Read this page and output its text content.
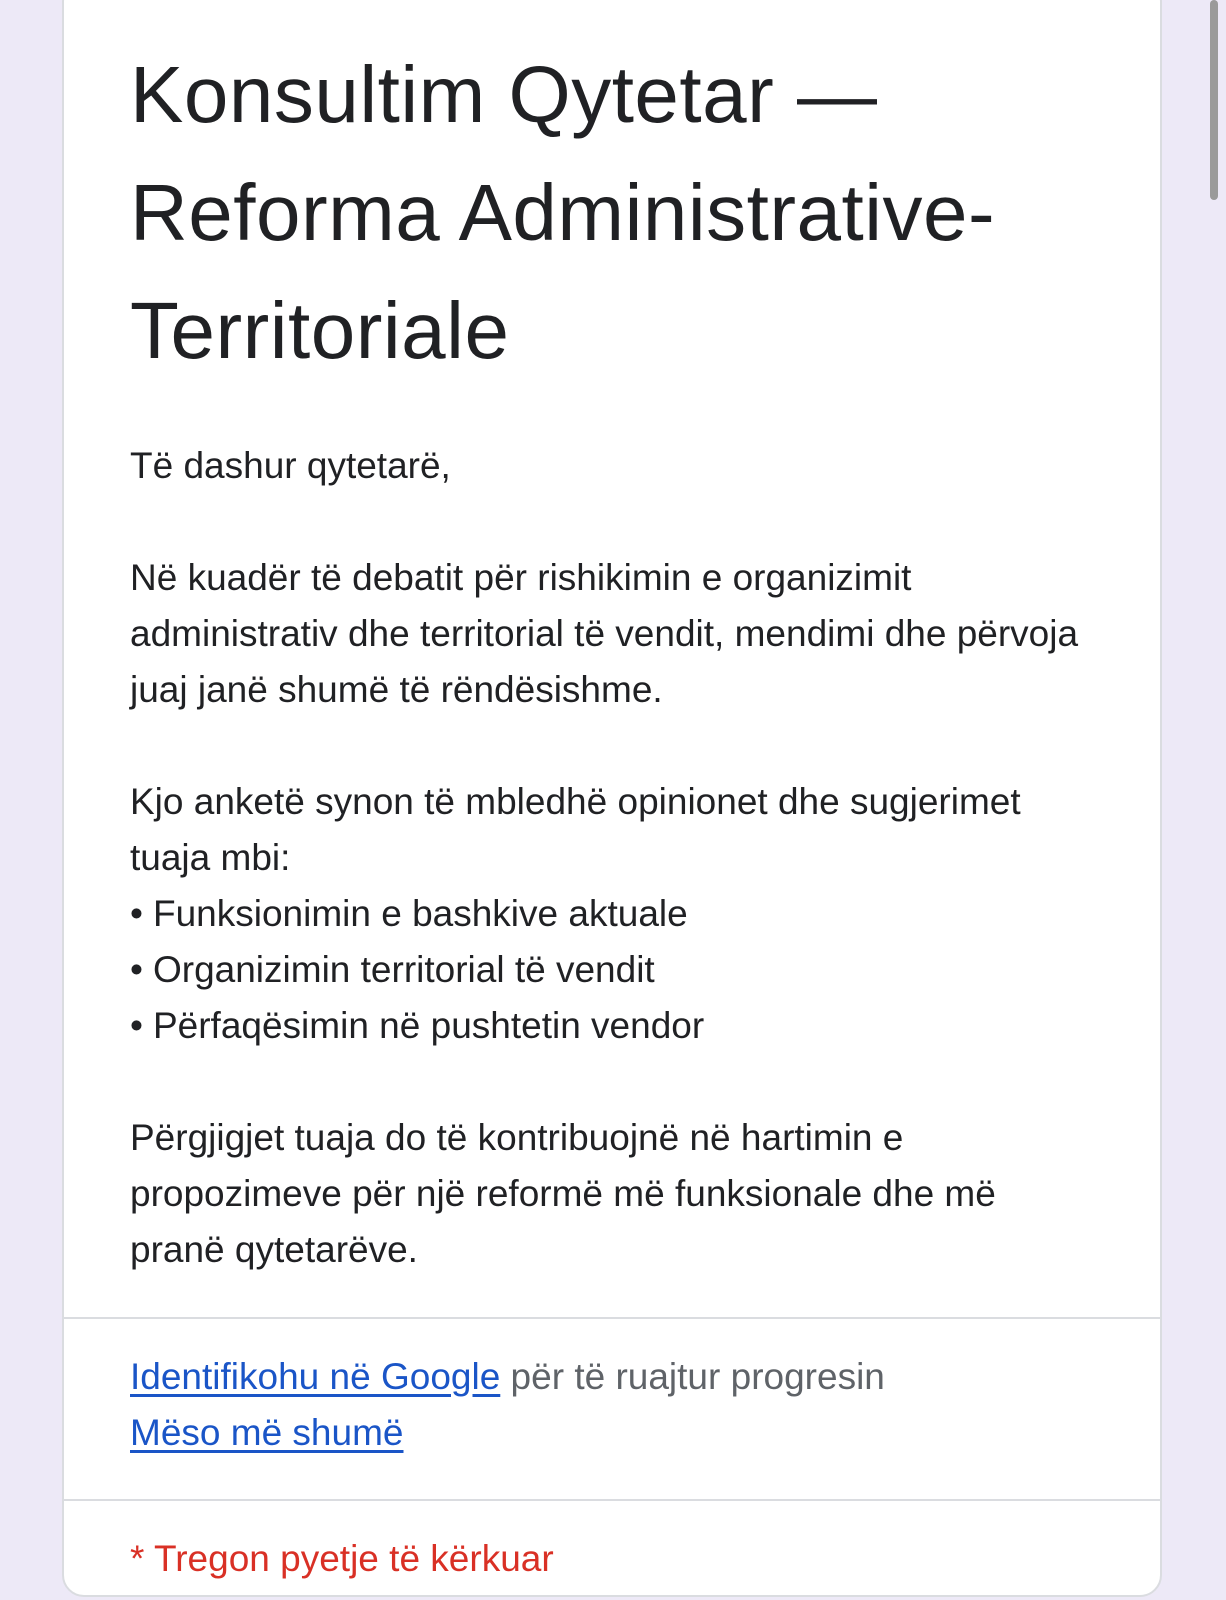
Konsultim Qytetar — Reforma Administrative-Territoriale

Të dashur qytetarë,

Në kuadër të debatit për rishikimin e organizimit administrativ dhe territorial të vendit, mendimi dhe përvoja juaj janë shumë të rëndësishme.

Kjo anketë synon të mbledhë opinionet dhe sugjerimet tuaja mbi:
• Funksionimin e bashkive aktuale
• Organizimin territorial të vendit
• Përfaqësimin në pushtetin vendor

Përgjigjet tuaja do të kontribuojnë në hartimin e propozimeve për një reformë më funksionale dhe më pranë qytetarëve.

Identifikohu në Google për të ruajtur progresin
Mëso më shumë
* Tregon pyetje të kërkuar
